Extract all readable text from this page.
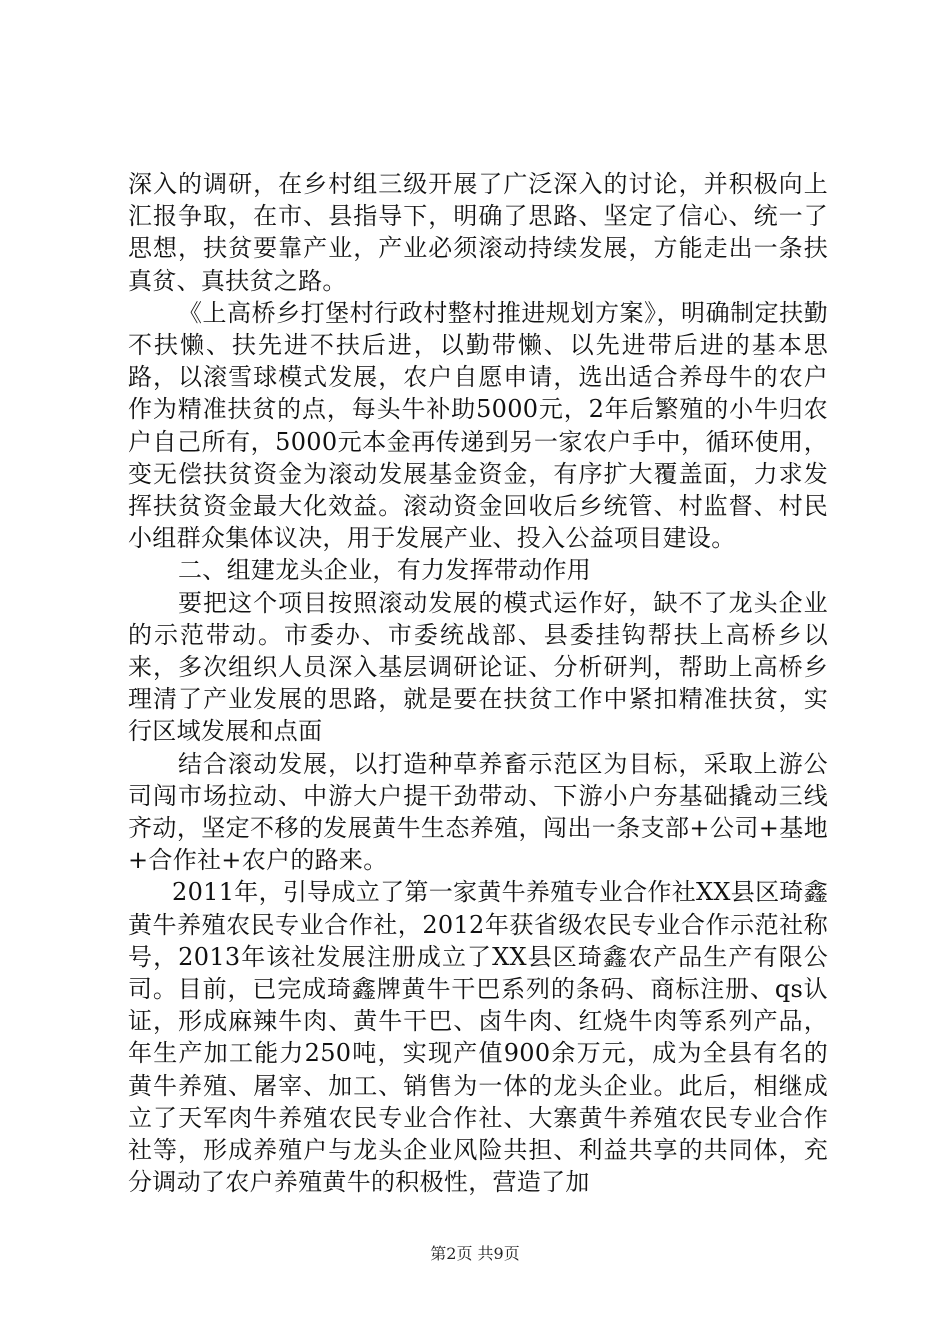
深入的调研，在乡村组三级开展了广泛深入的讨论，并积极向上汇报争取，在市、县指导下，明确了思路、坚定了信心、统一了思想，扶贫要靠产业，产业必须滚动持续发展，方能走出一条扶真贫、真扶贫之路。

《上高桥乡打堡村行政村整村推进规划方案》，明确制定扶勤不扶懒、扶先进不扶后进，以勤带懒、以先进带后进的基本思路，以滚雪球模式发展，农户自愿申请，选出适合养母牛的农户作为精准扶贫的点，每头牛补助5000元，2年后繁殖的小牛归农户自己所有，5000元本金再传递到另一家农户手中，循环使用，变无偿扶贫资金为滚动发展基金资金，有序扩大覆盖面，力求发挥扶贫资金最大化效益。滚动资金回收后乡统管、村监督、村民小组群众集体议决，用于发展产业、投入公益项目建设。

二、组建龙头企业，有力发挥带动作用

要把这个项目按照滚动发展的模式运作好，缺不了龙头企业的示范带动。市委办、市委统战部、县委挂钩帮扶上高桥乡以来，多次组织人员深入基层调研论证、分析研判，帮助上高桥乡理清了产业发展的思路，就是要在扶贫工作中紧扣精准扶贫，实行区域发展和点面

结合滚动发展，以打造种草养畜示范区为目标，采取上游公司闯市场拉动、中游大户提干劲带动、下游小户夯基础撬动三线齐动，坚定不移的发展黄牛生态养殖，闯出一条支部+公司+基地+合作社+农户的路来。

2011年，引导成立了第一家黄牛养殖专业合作社XX县区琦鑫黄牛养殖农民专业合作社，2012年获省级农民专业合作示范社称号，2013年该社发展注册成立了XX县区琦鑫农产品生产有限公司。目前，已完成琦鑫牌黄牛干巴系列的条码、商标注册、qs认证，形成麻辣牛肉、黄牛干巴、卤牛肉、红烧牛肉等系列产品，年生产加工能力250吨，实现产值900余万元，成为全县有名的黄牛养殖、屠宰、加工、销售为一体的龙头企业。此后，相继成立了天军肉牛养殖农民专业合作社、大寨黄牛养殖农民专业合作社等，形成养殖户与龙头企业风险共担、利益共享的共同体，充分调动了农户养殖黄牛的积极性，营造了加

第2页 共9页
